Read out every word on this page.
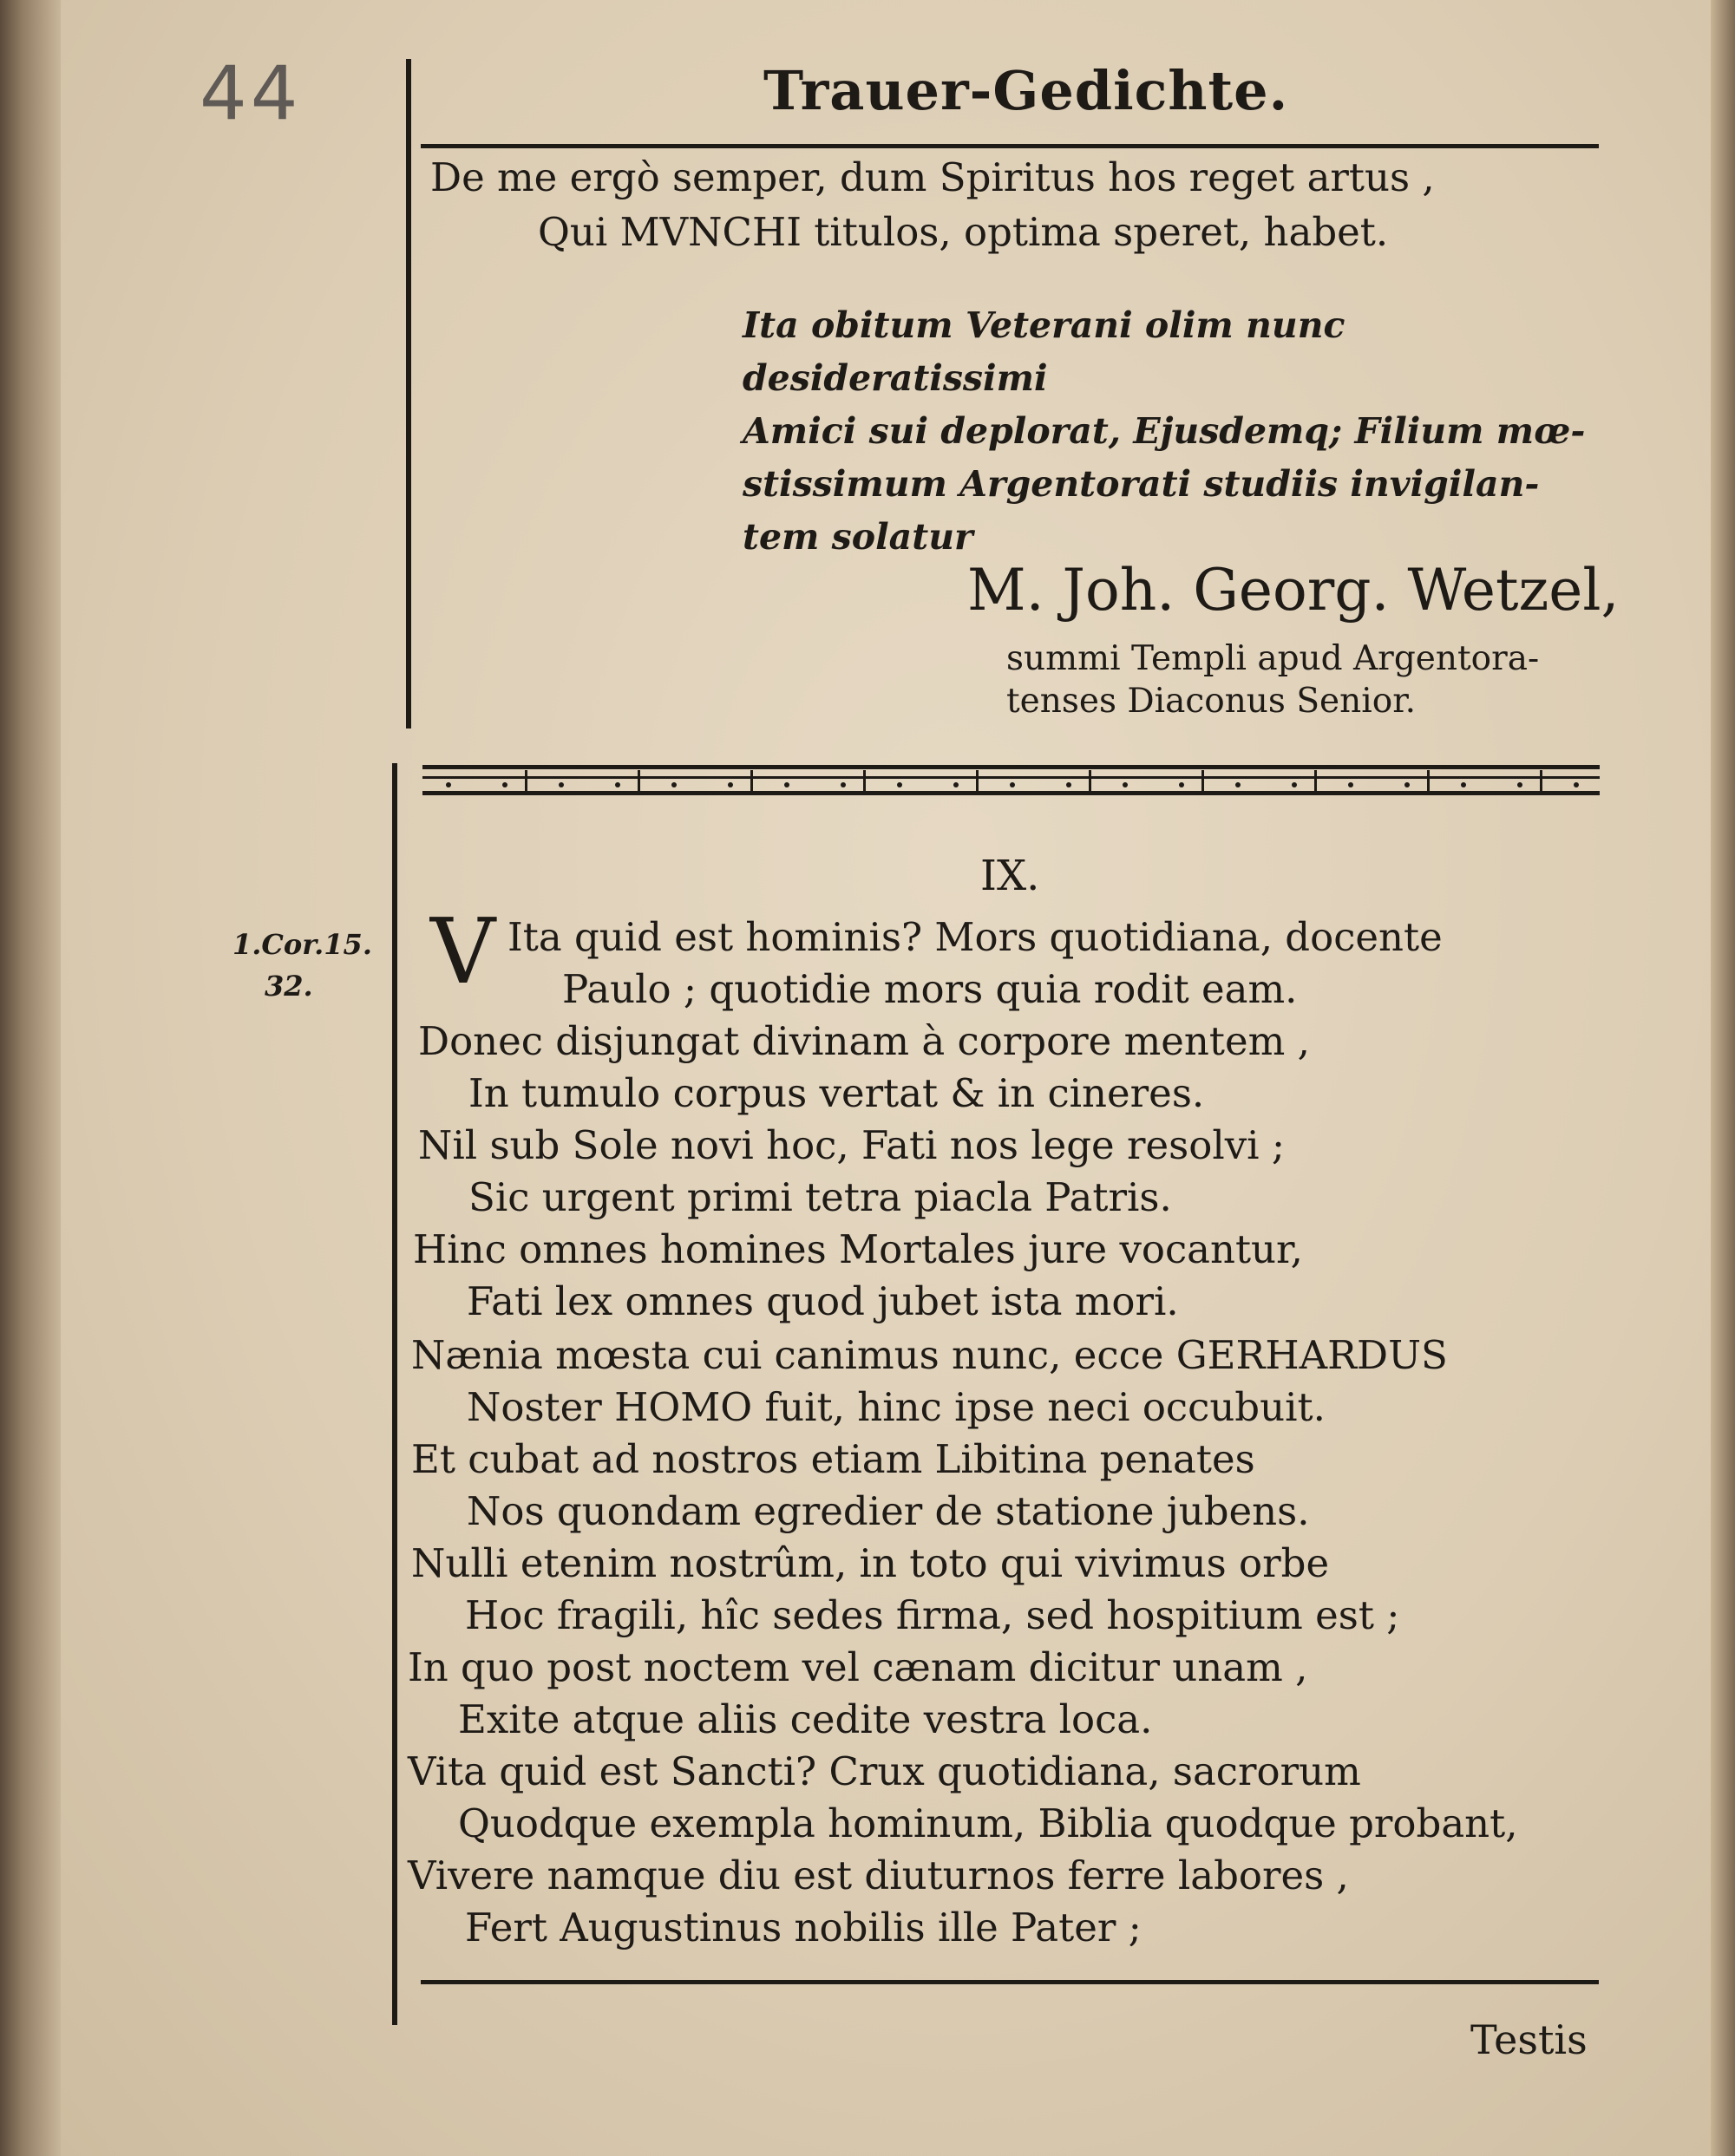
44	Trauer-Gedichte.
De me ergò semper, dum Spiritus hos reget artus ,
Qui MVNCHI titulos, optima speret, habet.
Ita obitum Veterani olim nunc desideratissimi
Amici sui deplorat, Ejusdemq; Filium mœ-
stissimum Argentorati studiis invigilan-
tem solatur
M. Joh. Georg. Wetzel,
summi Templi apud Argentora-
tenses Diaconus Senior.
IX.
1.Cor.15.
32. V Ita quid est hominis? Mors quotidiana, docente
Paulo ; quotidie mors quia rodit eam.
Donec disjungat divinam à corpore mentem ,
In tumulo corpus vertat & in cineres.
Nil sub Sole novi hoc, Fati nos lege resolvi ;
Sic urgent primi tetra piacla Patris.
Hinc omnes homines Mortales jure vocantur,
Fati lex omnes quod jubet ista mori.
Nænia mœsta cui canimus nunc, ecce GERHARDUS
Noster HOMO fuit, hinc ipse neci occubuit.
Et cubat ad nostros etiam Libitina penates
Nos quondam egredier de statione jubens.
Nulli etenim nostrûm, in toto qui vivimus orbe
Hoc fragili, hîc sedes firma, sed hospitium est ;
In quo post noctem vel cænam dicitur unam ,
Exite atque aliis cedite vestra loca.
Vita quid est Sancti? Crux quotidiana, sacrorum
Quodque exempla hominum, Biblia quodque probant,
Vivere namque diu est diuturnos ferre labores ,
Fert Augustinus nobilis ille Pater ;
Testis
